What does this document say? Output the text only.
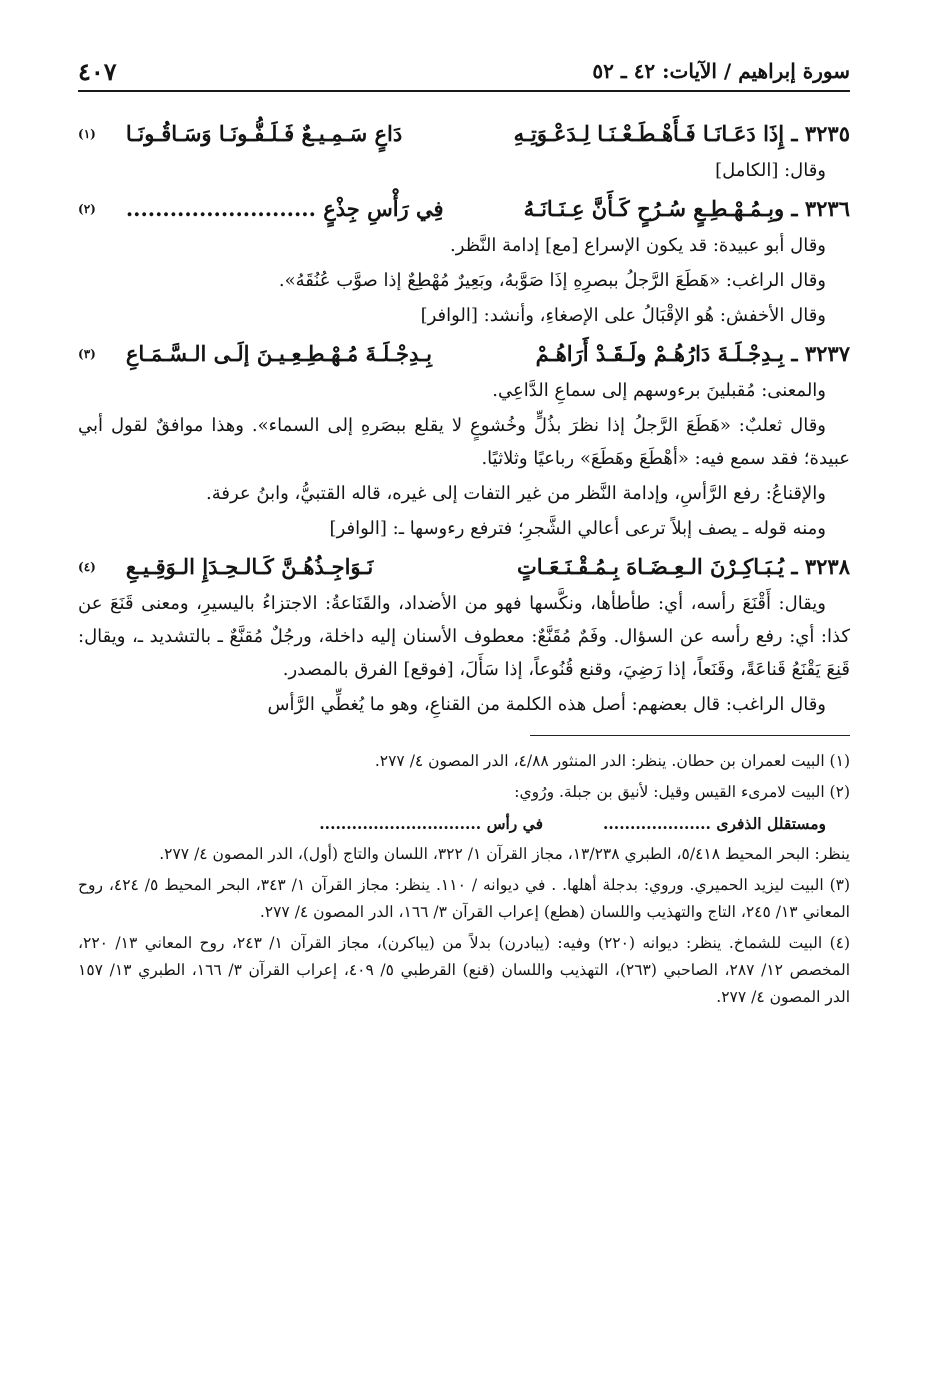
سورة إبراهيم / الآيات: ٤٢ ـ ٥٢
٤٠٧
٣٢٣٥ ـ إِذَا دَعَـانَـا فَـأَهْـطَـعْـنَـا لِـدَعْـوَتِـهِ
دَاعٍ سَـمِـيـعٌ فَـلَـفُّـونَـا وَسَـاقُـونَـا
(١)

وقال: [الكامل]

٣٢٣٦ ـ وبِـمُـهْـطِـعٍ سُـرُحٍ كَـأَنَّ عِـنَـانَـهُ
فِي رَأْسِ جِذْعٍ ..........................
(٢)

وقال أبو عبيدة: قد يكون الإسراع [مع] إدامة النَّظر.

وقال الراغب: «هَطَعَ الرَّجلُ ببصرِهِ إذَا صَوَّبهُ، وبَعِيرٌ مُهْطِعٌ إذا صوَّب عُنُقَهُ».

وقال الأخفش: هُو الإقْبَالُ على الإصغاءِ، وأنشد: [الوافر]

٣٢٣٧ ـ بِـدِجْـلَـةَ دَارُهُـمْ ولَـقَـدْ أَرَاهُـمْ
بِـدِجْـلَـةَ مُـهْـطِـعِـيـنَ إلَـى الـسَّـمَـاعِ
(٣)

والمعنى: مُقبلينَ برءوسهم إلى سماعِ الدَّاعِي.

وقال ثعلبٌ: «هَطَعَ الرَّجلُ إذا نظرَ بذُلٍّ وخُشوعٍ لا يقلع ببصَرهِ إلى السماء». وهذا موافقٌ لقول أبي عبيدة؛ فقد سمع فيه: «أهْطَعَ وهَطَعَ» رباعيًا وثلاثيًا.

والإقناعُ: رفع الرَّأسِ، وإدامة النَّظر من غير التفات إلى غيره، قاله القتبيُّ، وابنُ عرفة.

ومنه قوله ـ يصف إبلاً ترعى أعالي الشَّجرِ؛ فترفع رءوسها ـ: [الوافر]

٣٢٣٨ ـ يُـبَـاكِـرْنَ الـعِـضَـاهَ بِـمُـقْـنَـعَـاتٍ
نَـوَاجِـذُهُـنَّ كَـالـحِـدَإِ الـوَقِـيـعِ
(٤)

ويقال: أَقْنَعَ رأسه، أي: طأطأها، ونكَّسها فهو من الأضداد، والقَنَاعةُ: الاجتزاءُ باليسيرِ، ومعنى قَنَعَ عن كذا: أي: رفع رأسه عن السؤال. وفَمٌ مُقَنَّعٌ: معطوف الأسنان إليه داخلة، ورجُلٌ مُقنَّعٌ ـ بالتشديد ـ، ويقال: قَنِعَ يَقْنَعُ قَناعَةً، وقَنَعاً، إذا رَضِيَ، وقنع قُنُوعاً، إذا سَأَلَ، [فوقع] الفرق بالمصدر.

وقال الراغب: قال بعضهم: أصل هذه الكلمة من القناعِ، وهو ما يُغطِّي الرَّأس

(١) البيت لعمران بن حطان. ينظر: الدر المنثور ٤/٨٨، الدر المصون ٤/ ٢٧٧.

(٢) البيت لامرىء القيس وقيل: لأنيق بن جبلة. ورُوي:

ومستقلل الذفرى ....................
في رأس ..............................

ينظر: البحر المحيط ٥/٤١٨، الطبري ١٣/٢٣٨، مجاز القرآن ١/ ٣٢٢، اللسان والتاج (أول)، الدر المصون ٤/ ٢٧٧.

(٣) البيت ليزيد الحميري. وروي: بدجلة أهلها. . في ديوانه / ١١٠. ينظر: مجاز القرآن ١/ ٣٤٣، البحر المحيط ٥/ ٤٢٤، روح المعاني ١٣/ ٢٤٥، التاج والتهذيب واللسان (هطع) إعراب القرآن ٣/ ١٦٦، الدر المصون ٤/ ٢٧٧.

(٤) البيت للشماخ. ينظر: ديوانه (٢٢٠) وفيه: (يبادرن) بدلاً من (يباكرن)، مجاز القرآن ١/ ٢٤٣، روح المعاني ١٣/ ٢٢٠، المخصص ١٢/ ٢٨٧، الصاحبي (٢٦٣)، التهذيب واللسان (قنع) القرطبي ٥/ ٤٠٩، إعراب القرآن ٣/ ١٦٦، الطبري ١٣/ ١٥٧ الدر المصون ٤/ ٢٧٧.
